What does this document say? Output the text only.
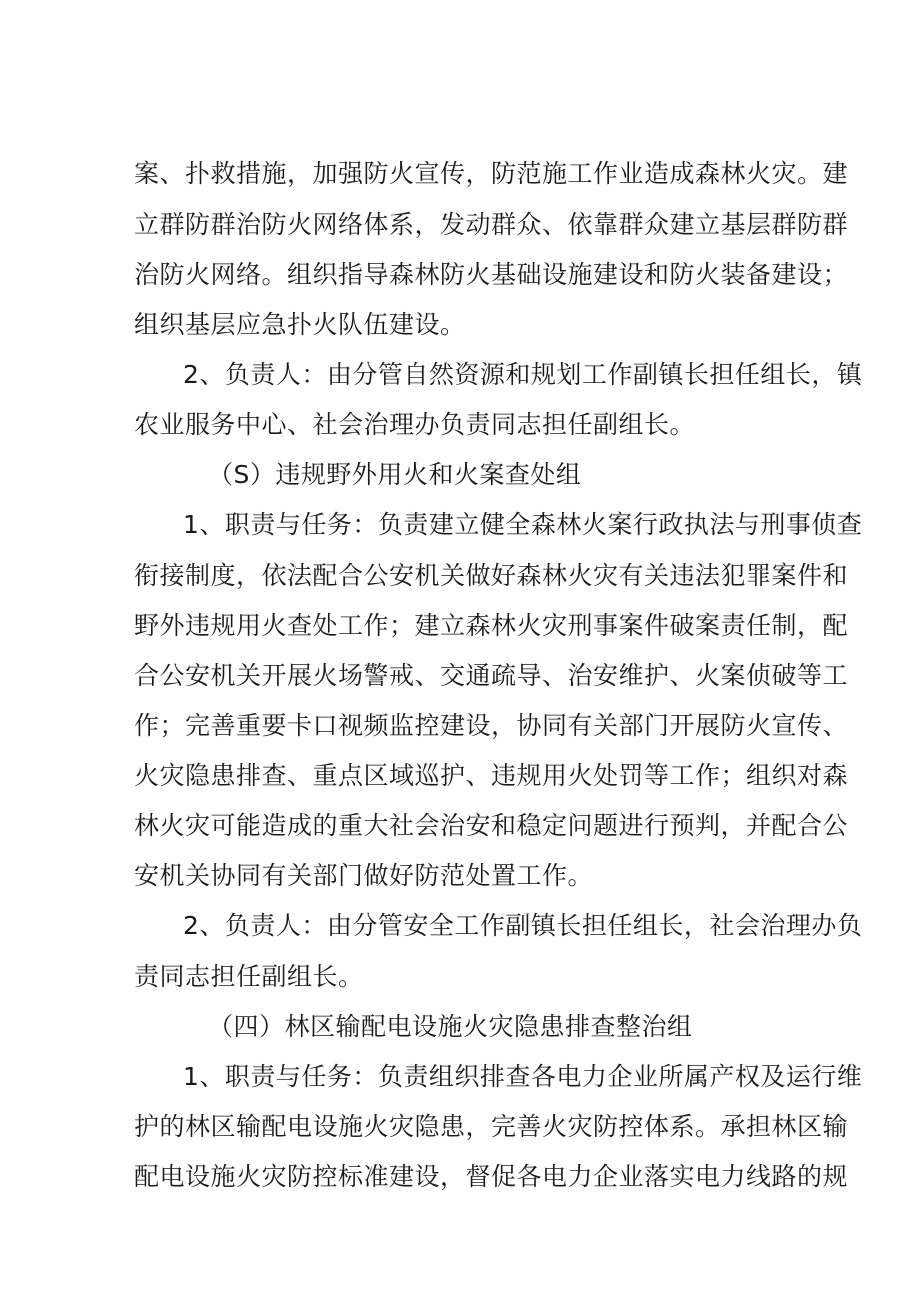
案、扑救措施，加强防火宣传，防范施工作业造成森林火灾。建
立群防群治防火网络体系，发动群众、依靠群众建立基层群防群
治防火网络。组织指导森林防火基础设施建设和防火装备建设；
组织基层应急扑火队伍建设。
2、负责人：由分管自然资源和规划工作副镇长担任组长，镇
农业服务中心、社会治理办负责同志担任副组长。
（S）违规野外用火和火案查处组
1、职责与任务：负责建立健全森林火案行政执法与刑事侦查
衔接制度，依法配合公安机关做好森林火灾有关违法犯罪案件和
野外违规用火查处工作；建立森林火灾刑事案件破案责任制，配
合公安机关开展火场警戒、交通疏导、治安维护、火案侦破等工
作；完善重要卡口视频监控建设，协同有关部门开展防火宣传、
火灾隐患排查、重点区域巡护、违规用火处罚等工作；组织对森
林火灾可能造成的重大社会治安和稳定问题进行预判，并配合公
安机关协同有关部门做好防范处置工作。
2、负责人：由分管安全工作副镇长担任组长，社会治理办负
责同志担任副组长。
（四）林区输配电设施火灾隐患排查整治组
1、职责与任务：负责组织排查各电力企业所属产权及运行维
护的林区输配电设施火灾隐患，完善火灾防控体系。承担林区输
配电设施火灾防控标准建设，督促各电力企业落实电力线路的规
